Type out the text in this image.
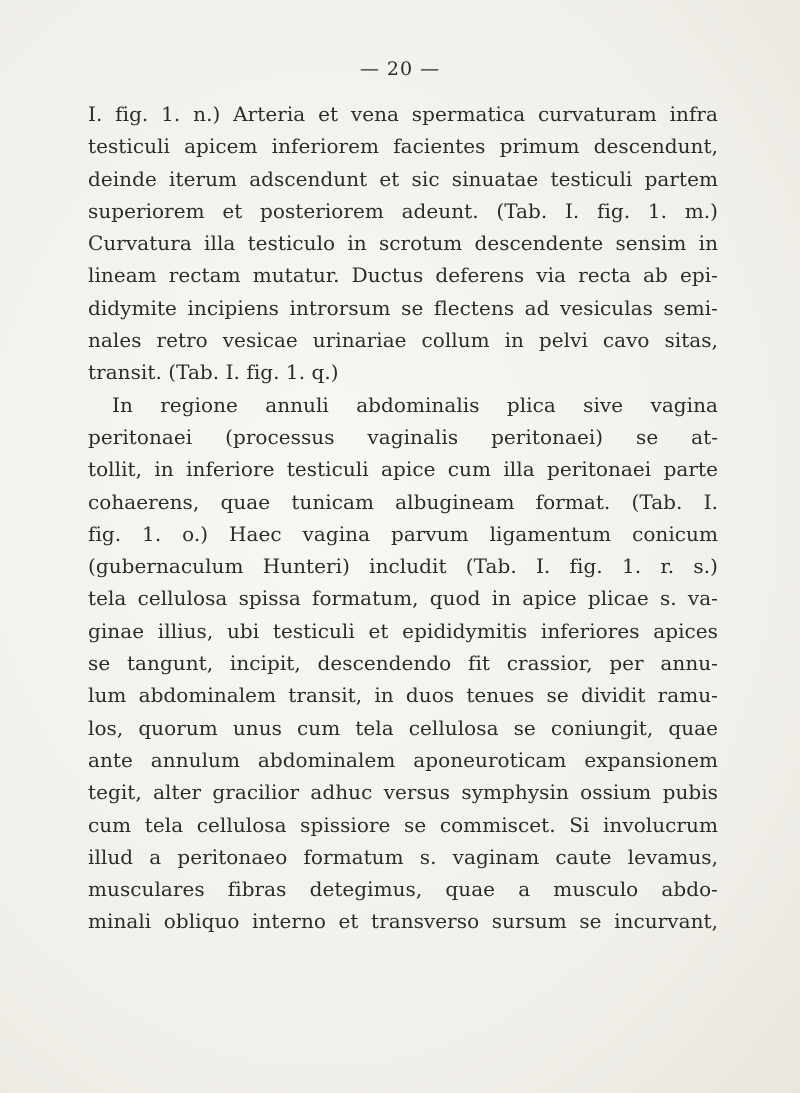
— 20 —
I. fig. 1. n.) Arteria et vena spermatica curvaturam infra
testiculi apicem inferiorem facientes primum descendunt,
deinde iterum adscendunt et sic sinuatae testiculi partem
superiorem et posteriorem adeunt. (Tab. I. fig. 1. m.)
Curvatura illa testiculo in scrotum descendente sensim in
lineam rectam mutatur. Ductus deferens via recta ab epi-
didymite incipiens introrsum se flectens ad vesiculas semi-
nales retro vesicae urinariae collum in pelvi cavo sitas,
transit. (Tab. I. fig. 1. q.)
In regione annuli abdominalis plica sive vagina
peritonaei (processus vaginalis peritonaei) se at-
tollit, in inferiore testiculi apice cum illa peritonaei parte
cohaerens, quae tunicam albugineam format. (Tab. I.
fig. 1. o.) Haec vagina parvum ligamentum conicum
(gubernaculum Hunteri) includit (Tab. I. fig. 1. r. s.)
tela cellulosa spissa formatum, quod in apice plicae s. va-
ginae illius, ubi testiculi et epididymitis inferiores apices
se tangunt, incipit, descendendo fit crassior, per annu-
lum abdominalem transit, in duos tenues se dividit ramu-
los, quorum unus cum tela cellulosa se coniungit, quae
ante annulum abdominalem aponeuroticam expansionem
tegit, alter gracilior adhuc versus symphysin ossium pubis
cum tela cellulosa spissiore se commiscet. Si involucrum
illud a peritonaeo formatum s. vaginam caute levamus,
musculares fibras detegimus, quae a musculo abdo-
minali obliquo interno et transverso sursum se incurvant,
